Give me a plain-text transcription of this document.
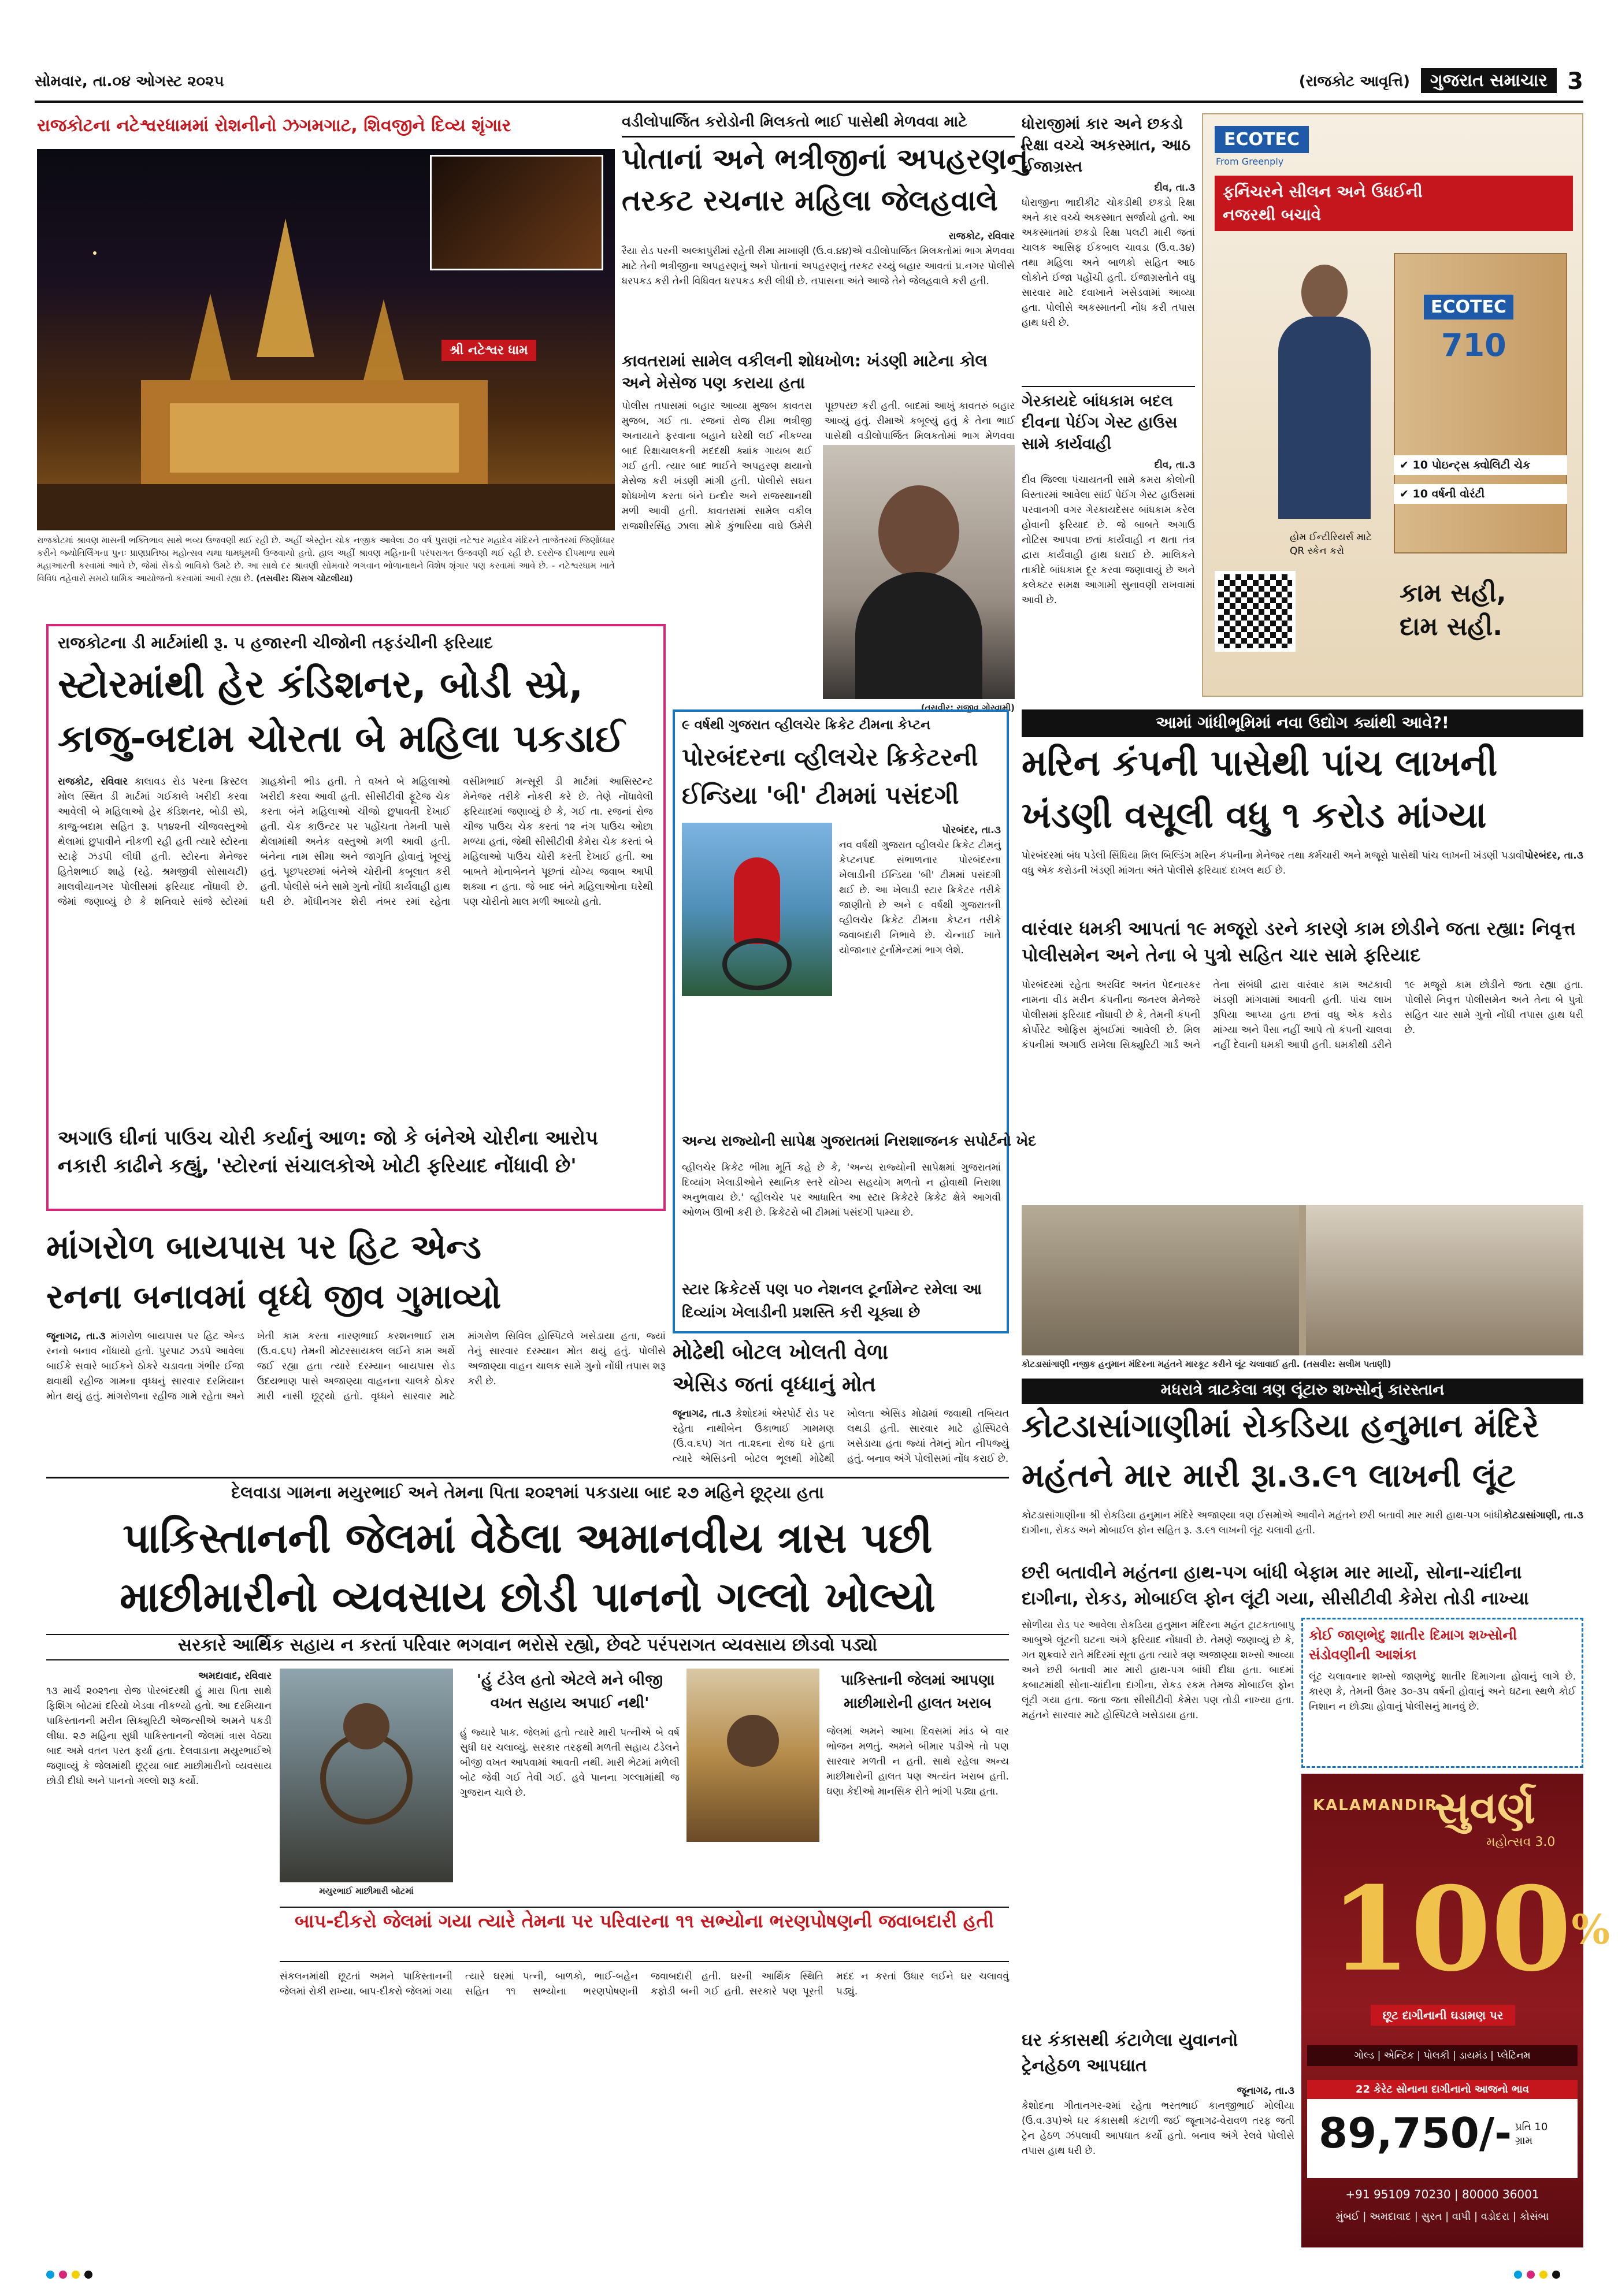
સોમવાર, તા.૦૪ ઓગસ્ટ ૨૦૨૫	(રાજકોટ આવૃત્તિ)	ગુજરાત સમાચાર 3
રાજકોટના નટેશ્વરધામમાં રોશનીનો ઝગમગાટ, શિવજીને દિવ્ય શૃંગાર
શ્રી નટેશ્વર ધામ
રાજકોટમાં શ્રાવણ માસની ભક્તિભાવ સાથે ભવ્ય ઉજવણી થઈ રહી છે. અહીં એસ્ટ્રોન ચોક નજીક આવેલા ૭૦ વર્ષ પુરાણાં નટેશ્વર મહાદેવ મંદિરને તાજેતરમાં જિર્ણોધ્ધાર કરીને જ્યોતિર્લિંગના પુનઃ પ્રાણપ્રતિષ્ઠા મહોત્સવ યથા ધામધૂમથી ઉજવાયો હતો. હાલ અહીં શ્રાવણ મહિનાની પરંપરાગત ઉજવણી થઈ રહી છે. દરરોજ દીપમાળા સાથે મહાઆરતી કરવામાં આવે છે, જેમાં સેંકડો ભાવિકો ઉમટે છે. આ સાથે દર શ્રાવણી સોમવારે ભગવાન ભોળાનાથને વિશેષ શૃંગાર પણ કરવામાં આવે છે. - નટેશ્વરધામ ખાતે વિવિધ તહેવારો સમયે ધાર્મિક આયોજનો કરવામાં આવી રહ્યા છે. (તસવીર: ચિરાગ ચોટલીયા)
વડીલોપાર્જિત કરોડોની મિલકતો ભાઈ પાસેથી મેળવવા માટે
પોતાનાં અને ભત્રીજીનાં અપહરણનું
તરકટ રચનાર મહિલા જેલહવાલે
રાજકોટ, રવિવાર
રૈયા રોડ પરની અલ્કાપુરીમાં રહેતી રીમા માખાણી (ઉ.વ.૪૪)એ વડીલોપાર્જિત મિલકતોમાં ભાગ મેળવવા માટે તેની ભત્રીજીના અપહરણનું અને પોતાનાં અપહરણનું તરકટ રચ્યું બહાર આવતાં પ્ર.નગર પોલીસે ધરપકડ કરી તેની વિધિવત ધરપકડ કરી લીધી છે. તપાસના અંતે આજે તેને જેલહવાલે કરી હતી.
કાવતરામાં સામેલ વકીલની શોધખોળ: ખંડણી માટેના કોલ અને મેસેજ પણ કરાયા હતા
પોલીસ તપાસમાં બહાર આવ્યા મુજબ કાવતરા મુજબ, ગઈ તા. રજનાં રોજ રીમા ભત્રીજી અનાયાને ફરવાના બહાને ઘરેથી લઈ નીકળ્યા બાદ રિક્ષાચાલકની મદદથી ક્યાંક ગાયબ થઈ ગઈ હતી. ત્યાર બાદ ભાઈને અપહરણ થયાનો મેસેજ કરી ખંડણી માંગી હતી. પોલીસે સઘન શોધખોળ કરતા બંને ઇન્દોર અને રાજસ્થાનથી મળી આવી હતી. કાવતરામાં સામેલ વકીલ રાજશીરસિંહ ઝાલા મોકે કુંભારિયા વાઘે ઉમેરી પૂછપરછ કરી હતી. બાદમાં આખું કાવતરું બહાર આવ્યું હતું. રીમાએ કબૂલ્યું હતું કે તેના ભાઈ પાસેથી વડીલોપાર્જિત મિલકતોમાં ભાગ મેળવવા
(તસવીર: રાજીવ ગોસ્વામી)
ધોરાજીમાં કાર અને છકડો રિક્ષા વચ્ચે અકસ્માત, આઠ ઈજાગ્રસ્ત
દીવ, તા.૩
ધોરાજીના ભાદીકીટ ચોકડીથી છકડો રિક્ષા અને કાર વચ્ચે અકસ્માત સર્જાયો હતો. આ અકસ્માતમાં છકડો રિક્ષા પલટી મારી જતાં ચાલક આસિફ ઈકબાલ ચાવડા (ઉ.વ.૩૪) તથા મહિલા અને બાળકો સહિત આઠ લોકોને ઈજા પહોંચી હતી. ઈજાગ્રસ્તોને વધુ સારવાર માટે દવાખાને ખસેડવામાં આવ્યા હતા. પોલીસે અકસ્માતની નોંધ કરી તપાસ હાથ ધરી છે.
ગેરકાયદે બાંધકામ બદલ દીવના પેઈંગ ગેસ્ટ હાઉસ સામે કાર્યવાહી
દીવ, તા.૩
દીવ જિલ્લા પંચાયતની સામે કમરા કોલોની વિસ્તારમાં આવેલા સાંઈ પેઈંગ ગેસ્ટ હાઉસમાં પરવાનગી વગર ગેરકાયદેસર બાંધકામ કરેલ હોવાની ફરિયાદ છે. જે બાબતે અગાઉ નોટિસ આપવા છતાં કાર્યવાહી ન થતા તંત્ર દ્વારા કાર્યવાહી હાથ ધરાઈ છે. માલિકને તાકીદે બાંધકામ દૂર કરવા જણાવાયું છે અને કલેક્ટર સમક્ષ આગામી સુનાવણી રાખવામાં આવી છે.
ECOTEC
From Greenply
ફર્નિચરને સીલન અને ઉધઈની
નજરથી બચાવે
ECOTEC
710
✔ 10 પોઇન્ટ્સ ક્વોલિટી ચેક
✔ 10 વર્ષની વોરંટી
હોમ ઈન્ટીરિયર્સ માટે QR સ્કેન કરો
કામ સહી,
દામ સહી.
રાજકોટના ડી માર્ટમાંથી રૂ. ૫ હજારની ચીજોની તફડંચીની ફરિયાદ
સ્ટોરમાંથી હેર કંડિશનર, બોડી સ્પ્રે,
કાજુ-બદામ ચોરતા બે મહિલા પકડાઈ
રાજકોટ, રવિવાર કાલાવડ રોડ પરના ક્રિસ્ટલ મોલ સ્થિત ડી માર્ટમાં ગઈકાલે ખરીદી કરવા આવેલી બે મહિલાઓ હેર કંડિશનર, બોડી સ્પ્રે, કાજુ-બદામ સહિત રૂ. ૫૧૪૨ની ચીજવસ્તુઓ થેલામાં છુપાવીને નીકળી રહી હતી ત્યારે સ્ટોરના સ્ટાફે ઝડપી લીધી હતી. સ્ટોરના મેનેજર હિતેશભાઈ શાહે (રહે. શ્રમજીવી સોસાયટી) માલવીયાનગર પોલીસમાં ફરિયાદ નોંધાવી છે. જેમાં જણાવ્યું છે કે શનિવારે સાંજે સ્ટોરમાં ગ્રાહકોની ભીડ હતી. તે વખતે બે મહિલાઓ ખરીદી કરવા આવી હતી. સીસીટીવી ફૂટેજ ચેક કરતા બંને મહિલાઓ ચીજો છુપાવતી દેખાઈ હતી. ચેક કાઉન્ટર પર પહોંચતા તેમની પાસે થેલામાંથી અનેક વસ્તુઓ મળી આવી હતી. બંનેના નામ સીમા અને જાગૃતિ હોવાનું ખૂલ્યું હતું. પૂછપરછમાં બંનેએ ચોરીની કબૂલાત કરી હતી. પોલીસે બંને સામે ગુનો નોંધી કાર્યવાહી હાથ ધરી છે. મોંઘીનગર શેરી નંબર રમાં રહેતા વસીમભાઈ મન્સૂરી ડી માર્ટમાં આસિસ્ટન્ટ મેનેજર તરીકે નોકરી કરે છે. તેણે નોંધાવેલી ફરિયાદમાં જણાવ્યું છે કે, ગઈ તા. રજનાં રોજ ચીજ પાઉચ ચેક કરતાં ૧૨ નંગ પાઉચ ઓછા મળ્યા હતાં, જેથી સીસીટીવી કેમેરા ચેક કરતાં બે મહિલાઓ પાઉચ ચોરી કરતી દેખાઈ હતી. આ બાબતે મોનાબેનને પૂછતાં યોગ્ય જવાબ આપી શક્યા ન હતા. જે બાદ બંને મહિલાઓના ઘરેથી પણ ચોરીનો માલ મળી આવ્યો હતો.
અગાઉ ઘીનાં પાઉચ ચોરી કર્યાનું આળ: જો કે બંનેએ ચોરીના આરોપ નકારી કાઢીને કહ્યું, 'સ્ટોરનાં સંચાલકોએ ખોટી ફરિયાદ નોંધાવી છે'
૯ વર્ષથી ગુજરાત વ્હીલચેર ક્રિકેટ ટીમના કેપ્ટન
પોરબંદરના વ્હીલચેર ક્રિકેટરની
ઈન્ડિયા 'બી' ટીમમાં પસંદગી
પોરબંદર, તા.૩
નવ વર્ષથી ગુજરાત વ્હીલચેર ક્રિકેટ ટીમનું કેપ્ટનપદ સંભાળનાર પોરબંદરના ખેલાડીની ઈન્ડિયા 'બી' ટીમમાં પસંદગી થઈ છે. આ ખેલાડી સ્ટાર ક્રિકેટર તરીકે જાણીતો છે અને ૯ વર્ષથી ગુજરાતની વ્હીલચેર ક્રિકેટ ટીમના કેપ્ટન તરીકે જવાબદારી નિભાવે છે. ચેન્નાઈ ખાતે યોજાનાર ટૂર્નામેન્ટમાં ભાગ લેશે.
અન્ય રાજ્યોની સાપેક્ષ ગુજરાતમાં નિરાશાજનક સપોર્ટનો ખેદ
વ્હીલચેર ક્રિકેટ ભીમા મૂર્તિ કહે છે કે, 'અન્ય રાજ્યોની સાપેક્ષમાં ગુજરાતમાં દિવ્યાંગ ખેલાડીઓને સ્થાનિક સ્તરે યોગ્ય સહયોગ મળતો ન હોવાથી નિરાશા અનુભવાય છે.' વ્હીલચેર પર આધારિત આ સ્ટાર ક્રિકેટરે ક્રિકેટ ક્ષેત્રે આગવી ઓળખ ઊભી કરી છે. ક્રિકેટરો બી ટીમમાં પસંદગી પામ્યા છે.
સ્ટાર ક્રિકેટર્સ પણ ૫૦ નેશનલ ટૂર્નામેન્ટ રમેલા આ દિવ્યાંગ ખેલાડીની પ્રશસ્તિ કરી ચૂક્યા છે
આમાં ગાંધીભૂમિમાં નવા ઉદ્યોગ ક્યાંથી આવે?!
મરિન કંપની પાસેથી પાંચ લાખની
ખંડણી વસૂલી વધુ ૧ કરોડ માંગ્યા
પોરબંદર, તા.૩
પોરબંદરમાં બંધ પડેલી સિંધિયા મિલ બિલ્ડિંગ મરિન કંપનીના મેનેજર તથા કર્મચારી અને મજૂરો પાસેથી પાંચ લાખની ખંડણી પડાવી વધુ એક કરોડની ખંડણી માંગતા અંતે પોલીસે ફરિયાદ દાખલ થઈ છે.
વારંવાર ધમકી આપતાં ૧૯ મજૂરો ડરને કારણે કામ છોડીને જતા રહ્યા: નિવૃત્ત પોલીસમેન અને તેના બે પુત્રો સહિત ચાર સામે ફરિયાદ
પોરબંદરમાં રહેતા અરવિંદ અનંત પેદનારકર નામના વીડ મરીન કંપનીના જનરલ મેનેજરે પોલીસમાં ફરિયાદ નોંધાવી છે કે, તેમની કંપની કોર્પોરેટ ઓફિસ મુંબઈમાં આવેલી છે. મિલ કંપનીમાં અગાઉ રાખેલા સિક્યુરિટી ગાર્ડ અને તેના સંબંધી દ્વારા વારંવાર કામ અટકાવી ખંડણી માંગવામાં આવતી હતી. પાંચ લાખ રૂપિયા આપ્યા હતા છતાં વધુ એક કરોડ માંગ્યા અને પૈસા નહીં આપે તો કંપની ચાલવા નહીં દેવાની ધમકી આપી હતી. ધમકીથી ડરીને ૧૯ મજૂરો કામ છોડીને જતા રહ્યા હતા. પોલીસે નિવૃત્ત પોલીસમેન અને તેના બે પુત્રો સહિત ચાર સામે ગુનો નોંધી તપાસ હાથ ધરી છે.
કોટડાસાંગાણી નજીક હનુમાન મંદિરના મહંતને મારકૂટ કરીને લૂંટ ચલાવાઈ હતી. (તસવીર: સલીમ પતાણી)
માંગરોળ બાયપાસ પર હિટ એન્ડ
રનના બનાવમાં વૃધ્ધે જીવ ગુમાવ્યો
જૂનાગઢ, તા.૩ માંગરોળ બાયપાસ પર હિટ એન્ડ રનનો બનાવ નોંધાયો હતો. પુરપાટ ઝડપે આવેલા બાઈકે સવારે બાઈકને ઠોકરે ચડાવતા ગંભીર ઈજા થવાથી રહીજ ગામના વૃધ્ધનું સારવાર દરમિયાન મોત થયું હતું. માંગરોળના રહીજ ગામે રહેતા અને ખેતી કામ કરતા નારણભાઈ કરશનભાઈ રામ (ઉ.વ.૬૫) તેમની મોટરસાયકલ લઈને કામ અર્થે જઈ રહ્યા હતા ત્યારે દરમ્યાન બાયપાસ રોડ ઉદયભાણ પાસે અજાણ્યા વાહનના ચાલકે ઠોકર મારી નાસી છૂટ્યો હતો. વૃધ્ધને સારવાર માટે માંગરોળ સિવિલ હોસ્પિટલે ખસેડાયા હતા, જ્યાં તેનું સારવાર દરમ્યાન મોત થયું હતું. પોલીસે અજાણ્યા વાહન ચાલક સામે ગુનો નોંધી તપાસ શરૂ કરી છે.
મોઢેથી બોટલ ખોલતી વેળા
એસિડ જતાં વૃધ્ધાનું મોત
જૂનાગઢ, તા.૩ કેશોદમાં એરપોર્ટ રોડ પર રહેતા નાથીબેન ઉકાભાઈ ગામમણ (ઉ.વ.૬૫) ગત તા.૨૬ના રોજ ઘરે હતા ત્યારે એસિડની બોટલ ભૂલથી મોઢેથી ખોલતા એસિડ મોઢામાં જવાથી તબિયત લથડી હતી. સારવાર માટે હોસ્પિટલે ખસેડાયા હતા જ્યાં તેમનું મોત નીપજ્યું હતું. બનાવ અંગે પોલીસમાં નોંધ કરાઈ છે.
મધરાત્રે ત્રાટકેલા ત્રણ લૂંટારુ શખ્સોનું કારસ્તાન
કોટડાસાંગાણીમાં રોકડિયા હનુમાન મંદિરે
મહંતને માર મારી રૂા.૩.૯૧ લાખની લૂંટ
કોટડાસાંગાણી, તા.૩
કોટડાસાંગાણીના શ્રી રોકડિયા હનુમાન મંદિરે અજાણ્યા ત્રણ ઈસમોએ આવીને મહંતને છરી બતાવી માર મારી હાથ-પગ બાંધી દાગીના, રોકડ અને મોબાઈલ ફોન સહિત રૂ. ૩.૯૧ લાખની લૂંટ ચલાવી હતી.
છરી બતાવીને મહંતના હાથ-પગ બાંધી બેફામ માર માર્યો, સોના-ચાંદીના દાગીના, રોકડ, મોબાઈલ ફોન લૂંટી ગયા, સીસીટીવી કેમેરા તોડી નાખ્યા
સોળીયા રોડ પર આવેલા રોકડિયા હનુમાન મંદિરના મહંત ટ્રાટકતાબાપુ આબુએ લૂંટની ઘટના અંગે ફરિયાદ નોંધાવી છે. તેમણે જણાવ્યું છે કે, ગત શુક્રવારે રાતે મંદિરમાં સૂતા હતા ત્યારે ત્રણ અજાણ્યા શખ્સો આવ્યા અને છરી બતાવી માર મારી હાથ-પગ બાંધી દીધા હતા. બાદમાં કબાટમાંથી સોના-ચાંદીના દાગીના, રોકડ રકમ તેમજ મોબાઈલ ફોન લૂંટી ગયા હતા. જતા જતા સીસીટીવી કેમેરા પણ તોડી નાખ્યા હતા. મહંતને સારવાર માટે હોસ્પિટલે ખસેડાયા હતા.
કોઈ જાણભેદુ શાતીર દિમાગ શખ્સોની સંડોવણીની આશંકા
લૂંટ ચલાવનાર શખ્સો જાણભેદુ શાતીર દિમાગના હોવાનું લાગે છે. કારણ કે, તેમની ઉંમર ૩૦-૩૫ વર્ષની હોવાનું અને ઘટના સ્થળે કોઈ નિશાન ન છોડ્યા હોવાનું પોલીસનું માનવું છે.
KALAMANDIR
સુવર્ણ
મહોત્સવ 3.0
100%
છૂટ દાગીનાની ઘડામણ પર
ગોલ્ડ | એન્ટિક | પોલકી | ડાયમંડ | પ્લેટિનમ
22 કેરેટ સોનાના દાગીનાનો આજનો ભાવ
89,750/- પ્રતિ 10 ગ્રામ
+91 95109 70230 | 80000 36001
મુંબઈ | અમદાવાદ | સુરત | વાપી | વડોદરા | કોસંબા
ઘર કંકાસથી કંટાળેલા યુવાનનો ટ્રેનહેઠળ આપઘાત
જૂનાગઢ, તા.૩
કેશોદના ગીતાનગર-૨માં રહેતા ભરતભાઈ કાનજીભાઈ મોલીયા (ઉ.વ.૩૫)એ ઘર કંકાસથી કંટાળી જઈ જૂનાગઢ-વેરાવળ તરફ જતી ટ્રેન હેઠળ ઝંપલાવી આપઘાત કર્યો હતો. બનાવ અંગે રેલવે પોલીસે તપાસ હાથ ધરી છે.
દેલવાડા ગામના મયુરભાઈ અને તેમના પિતા ૨૦૨૧માં પકડાયા બાદ ૨૭ મહિને છૂટ્યા હતા
પાકિસ્તાનની જેલમાં વેઠેલા અમાનવીય ત્રાસ પછી
માછીમારીનો વ્યવસાય છોડી પાનનો ગલ્લો ખોલ્યો
સરકારે આર્થિક સહાય ન કરતાં પરિવાર ભગવાન ભરોસે રહ્યો, છેવટે પરંપરાગત વ્યવસાય છોડવો પડ્યો
અમદાવાદ, રવિવાર
૧૩ માર્ચ ૨૦૨૧ના રોજ પોરબંદરથી હું મારા પિતા સાથે ફિશિંગ બોટમાં દરિયો ખેડવા નીકળ્યો હતો. આ દરમિયાન પાકિસ્તાનની મરીન સિક્યુરિટી એજન્સીએ અમને પકડી લીધા. ૨૭ મહિના સુધી પાકિસ્તાનની જેલમાં ત્રાસ વેઠ્યા બાદ અમે વતન પરત ફર્યા હતા. દેલવાડાના મયુરભાઈએ જણાવ્યું કે જેલમાંથી છૂટ્યા બાદ માછીમારીનો વ્યવસાય છોડી દીધો અને પાનનો ગલ્લો શરૂ કર્યો.
મયુરભાઈ માછીમારી બોટમાં
'હું ટંડેલ હતો એટલે મને બીજી વખત સહાય અપાઈ નથી'
હું જ્યારે પાક. જેલમાં હતો ત્યારે મારી પત્નીએ બે વર્ષ સુધી ઘર ચલાવ્યું. સરકાર તરફથી મળતી સહાય ટંડેલને બીજી વખત આપવામાં આવતી નથી. મારી ભેટમાં મળેલી બોટ જેવી ગઈ તેવી ગઈ. હવે પાનના ગલ્લામાંથી જ ગુજરાન ચાલે છે.
પાકિસ્તાની જેલમાં આપણા માછીમારોની હાલત ખરાબ
જેલમાં અમને આખા દિવસમાં માંડ બે વાર ભોજન મળતું. અમને બીમાર પડીએ તો પણ સારવાર મળતી ન હતી. સાથે રહેલા અન્ય માછીમારોની હાલત પણ અત્યંત ખરાબ હતી. ઘણા કેદીઓ માનસિક રીતે ભાંગી પડ્યા હતા.
બાપ-દીકરો જેલમાં ગયા ત્યારે તેમના પર પરિવારના ૧૧ સભ્યોના ભરણપોષણની જવાબદારી હતી
સંકલનમાંથી છૂટતાં અમને પાકિસ્તાનની જેલમાં રોકી રાખ્યા. બાપ-દીકરો જેલમાં ગયા ત્યારે ઘરમાં પત્ની, બાળકો, ભાઈ-બહેન સહિત ૧૧ સભ્યોના ભરણપોષણની જવાબદારી હતી. ઘરની આર્થિક સ્થિતિ કફોડી બની ગઈ હતી. સરકારે પણ પૂરતી મદદ ન કરતાં ઉધાર લઈને ઘર ચલાવવું પડ્યું.
